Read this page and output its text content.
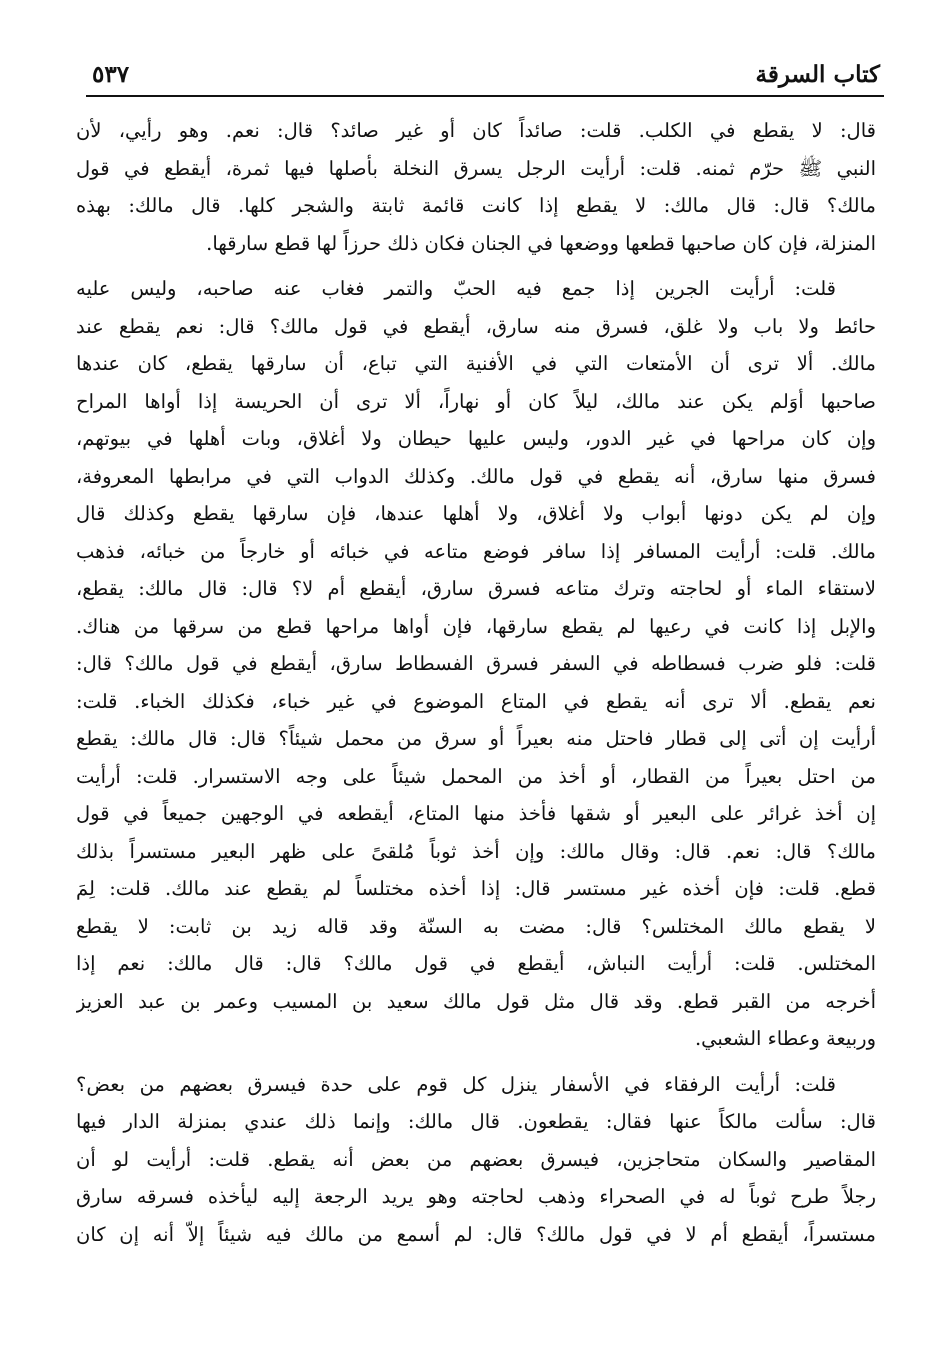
كتاب السرقة
٥٣٧

قال: لا يقطع في الكلب. قلت: صائداً كان أو غير صائد؟ قال: نعم. وهو رأيي، لأن
النبي ﷺ حرّم ثمنه. قلت: أرأيت الرجل يسرق النخلة بأصلها فيها ثمرة، أيقطع في قول
مالك؟ قال: قال مالك: لا يقطع إذا كانت قائمة ثابتة والشجر كلها. قال مالك: بهذه
المنزلة، فإن كان صاحبها قطعها ووضعها في الجنان فكان ذلك حرزاً لها قطع سارقها.

قلت: أرأيت الجرين إذا جمع فيه الحبّ والتمر فغاب عنه صاحبه، وليس عليه
حائط ولا باب ولا غلق، فسرق منه سارق، أيقطع في قول مالك؟ قال: نعم يقطع عند
مالك. ألا ترى أن الأمتعات التي في الأفنية التي تباع، أن سارقها يقطع، كان عندها
صاحبها أوَلم يكن عند مالك، ليلاً كان أو نهاراً، ألا ترى أن الحريسة إذا أواها المراح
وإن كان مراحها في غير الدور، وليس عليها حيطان ولا أغلاق، وبات أهلها في بيوتهم،
فسرق منها سارق، أنه يقطع في قول مالك. وكذلك الدواب التي في مرابطها المعروفة،
وإن لم يكن دونها أبواب ولا أغلاق، ولا أهلها عندها، فإن سارقها يقطع وكذلك قال
مالك. قلت: أرأيت المسافر إذا سافر فوضع متاعه في خبائه أو خارجاً من خبائه، فذهب
لاستقاء الماء أو لحاجته وترك متاعه فسرق سارق، أيقطع أم لا؟ قال: قال مالك: يقطع،
والإبل إذا كانت في رعيها لم يقطع سارقها، فإن أواها مراحها قطع من سرقها من هناك.
قلت: فلو ضرب فسطاطه في السفر فسرق الفسطاط سارق، أيقطع في قول مالك؟ قال:
نعم يقطع. ألا ترى أنه يقطع في المتاع الموضوع في غير خباء، فكذلك الخباء. قلت:
أرأيت إن أتى إلى قطار فاحتل منه بعيراً أو سرق من محمل شيئاً؟ قال: قال مالك: يقطع
من احتل بعيراً من القطار، أو أخذ من المحمل شيئاً على وجه الاستسرار. قلت: أرأيت
إن أخذ غرائر على البعير أو شقها فأخذ منها المتاع، أيقطعه في الوجهين جميعاً في قول
مالك؟ قال: نعم. قال: وقال مالك: وإن أخذ ثوباً مُلقىً على ظهر البعير مستسراً بذلك
قطع. قلت: فإن أخذه غير مستسر قال: إذا أخذه مختلساً لم يقطع عند مالك. قلت: لِمَ
لا يقطع مالك المختلس؟ قال: مضت به السنّة وقد قاله زيد بن ثابت: لا يقطع
المختلس. قلت: أرأيت النباش، أيقطع في قول مالك؟ قال: قال مالك: نعم إذا
أخرجه من القبر قطع. وقد قال مثل قول مالك سعيد بن المسيب وعمر بن عبد العزيز
وربيعة وعطاء الشعبي.

قلت: أرأيت الرفقاء في الأسفار ينزل كل قوم على حدة فيسرق بعضهم من بعض؟
قال: سألت مالكاً عنها فقال: يقطعون. قال مالك: وإنما ذلك عندي بمنزلة الدار فيها
المقاصير والسكان متحاجزين، فيسرق بعضهم من بعض أنه يقطع. قلت: أرأيت لو أن
رجلاً طرح ثوباً له في الصحراء وذهب لحاجته وهو يريد الرجعة إليه ليأخذه فسرقه سارق
مستسراً، أيقطع أم لا في قول مالك؟ قال: لم أسمع من مالك فيه شيئاً إلاّ أنه إن كان
